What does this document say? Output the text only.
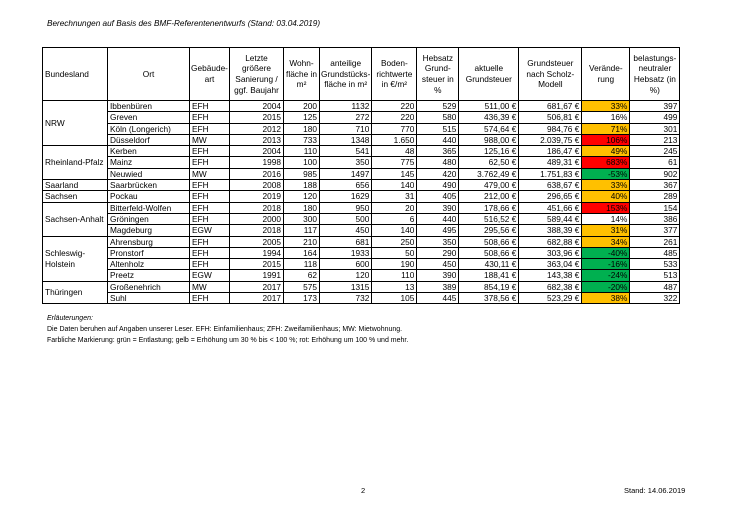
Berechnungen auf Basis des BMF-Referentenentwurfs (Stand: 03.04.2019)
Bundesland	Ort	Gebäude-art	Letzte größere Sanierung / ggf. Baujahr	Wohn-fläche in m²	anteilige Grundstücks-fläche in m²	Boden-richtwerte in €/m²	Hebsatz Grund-steuer in %	aktuelle Grundsteuer	Grundsteuer nach Scholz-Modell	Verände-rung	belastungs-neutraler Hebsatz (in %)
NRW	Ibbenbüren	EFH	2004	200	1132	220	529	511,00 €	681,67 €	33%	397
	Greven	EFH	2015	125	272	220	580	436,39 €	506,81 €	16%	499
	Köln (Longerich)	EFH	2012	180	710	770	515	574,64 €	984,76 €	71%	301
	Düsseldorf	MW	2013	733	1348	1.650	440	988,00 €	2.039,75 €	106%	213
Rheinland-Pfalz	Kerben	EFH	2004	110	541	48	365	125,16 €	186,47 €	49%	245
	Mainz	EFH	1998	100	350	775	480	62,50 €	489,31 €	683%	61
	Neuwied	MW	2016	985	1497	145	420	3.762,49 €	1.751,83 €	-53%	902
Saarland	Saarbrücken	EFH	2008	188	656	140	490	479,00 €	638,67 €	33%	367
Sachsen	Pockau	EFH	2019	120	1629	31	405	212,00 €	296,65 €	40%	289
Sachsen-Anhalt	Bitterfeld-Wolfen	EFH	2018	180	950	20	390	178,66 €	451,66 €	153%	154
	Gröningen	EFH	2000	300	500	6	440	516,52 €	589,44 €	14%	386
	Magdeburg	EGW	2018	117	450	140	495	295,56 €	388,39 €	31%	377
Schleswig-Holstein	Ahrensburg	EFH	2005	210	681	250	350	508,66 €	682,88 €	34%	261
	Pronstorf	EFH	1994	164	1933	50	290	508,66 €	303,96 €	-40%	485
	Altenholz	EFH	2015	118	600	190	450	430,11 €	363,04 €	-16%	533
	Preetz	EGW	1991	62	120	110	390	188,41 €	143,38 €	-24%	513
Thüringen	Großenehrich	MW	2017	575	1315	13	389	854,19 €	682,38 €	-20%	487
	Suhl	EFH	2017	173	732	105	445	378,56 €	523,29 €	38%	322
Erläuterungen:
Die Daten beruhen auf Angaben unserer Leser. EFH: Einfamilienhaus; ZFH: Zweifamilienhaus; MW: Mietwohnung.
Farbliche Markierung: grün = Entlastung; gelb = Erhöhung um 30 % bis < 100 %; rot: Erhöhung um 100 % und mehr.
2	Stand: 14.06.2019
